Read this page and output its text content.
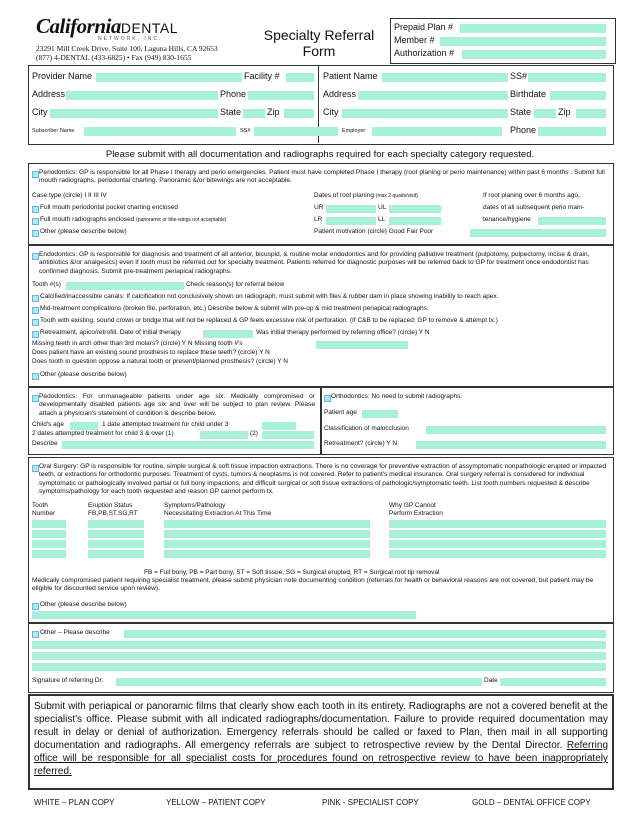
CaliforniaDENTAL
NETWORK, INC.
23291 Mill Creek Drive, Suite 100, Laguna Hills, CA 92653
(877) 4-DENTAL (433-6825) • Fax (949) 830-1655
Specialty Referral
Form
Prepaid Plan #
Member #
Authorization #
Provider Name	Facility #
Address	Phone
City	State	Zip
Subscriber Name	SS#	Employer
Patient Name	SS#
Address	Birthdate
City	State	Zip
Phone
Please submit with all documentation and radiographs required for each specialty category requested.
Periodontics: GP is responsible for all Phase I therapy and perio emergencies. Patient must have completed Phase I therapy (root planing or perio maintenance) within past 6 months . Submit full mouth radiographs, periodontal charting. Panoramic &/or bitewings are not acceptable.
Case type (circle) I II III IV
Full mouth periodontal pocket charting enclosed
Full mouth radiographs enclosed (panoramic or bite-wings not acceptable)
Other (please describe below)
Dates of root planing (max 2 quads/visit)
UR	UL
LR	LL
Patient motivation (circle) Good Fair Poor
If root planing over 6 months ago,
dates of all subsequent perio main-
tenance/hygiene
Endodontics: GP is responsible for diagnosis and treatment of all anterior, bicuspid, & routine molar endodontics and for providing palliative treatment (pulpotomy, pulpectomy, incise & drain, antibiotics &/or analgesics) even if tooth must be referred out for specialty treatment. Patients referred for diagnostic purposes will be referred back to GP for treatment once endodontist has confirmed diagnosis. Submit pre-treatment periapical radiographs.
Tooth #(s)	Check reason(s) for referral below
Calcified/inaccessible canals: If calcification not conclusively shown on radiograph, must submit with files & rubber dam in place showing inability to reach apex.
Mid-treatment complications (broken file, perforation, etc.) Describe below & submit with pre-op & mid treatment periapical radiographs.
Tooth with existing, sound crown or bridge that will not be replaced & GP feels excessive risk of perforation. (If C&B to be replaced: GP to remove & attempt tx.)
Retreatment, apico/retrofill. Date of initial therapy	Was initial therapy performed by referring office? (circle) Y N
Missing teeth in arch other than 3rd molars? (circle) Y N Missing tooth #'s
Does patient have an existing sound prosthesis to replace these teeth? (circle) Y N
Does tooth in question oppose a natural tooth or present/planned prosthesis? (circle) Y N
Other (please describe below)
Pedodontics: For unmanageable patients under age six. Medically compromised or developmentally disabled patients age six and over will be subject to plan review. Please attach a physician's statement of condition & describe below.
Child's age	1 date attempted treatment for child under 3
2 dates attempted treatment for child 3 & over (1)	(2)
Describe
Orthodontics: No need to submit radiographs.
Patient age
Classification of malocclusion
Retreatment? (circle) Y N
Oral Surgery: GP is responsible for routine, simple surgical & soft tissue impaction extractions. There is no coverage for preventive extraction of assymptomatic nonpathologic erupted or impacted teeth, or extractions for orthodontic purposes. Treatment of cysts, tumors & neoplasms is not covered. Refer to patient's medical insurance. Oral surgery referral is considered for individual symptomatic or pathologically involved partial or full bony impactions, and difficult surgical or soft tissue extractions of pathologic/symptomatic teeth. List tooth numbers requested & describe symptoms/pathology for each tooth requested and reason GP cannot perform tx.
Tooth
Number
Eruption Status
FB,PB,ST,SG,RT
Symptoms/Pathology
Necessitating Extraction At This Time
Why GP Cannot
Perform Extraction
FB = Full bony, PB = Part bony, ST = Soft tissue, SG = Surgical erupted, RT = Surgical root tip removal
Medically compromised patient requiring specialist treatment, please submit physician note documenting condition (referrals for health or behavioral reasons are not covered, but patient may be eligible for discounted service upon review).
Other (please describe below)
Other – Please describe
Signature of referring Dr.	Date
Submit with periapical or panoramic films that clearly show each tooth in its entirety. Radiographs are not a covered benefit at the specialist's office. Please submit with all indicated radiographs/documentation. Failure to provide required documentation may result in delay or denial of authorization. Emergency referrals should be called or faxed to Plan, then mail in all supporting documentation and radiographs. All emergency referrals are subject to retrospective review by the Dental Director. Referring office will be responsible for all specialist costs for procedures found on retrospective review to have been inappropriately referred.
WHITE – PLAN COPY	YELLOW – PATIENT COPY	PINK - SPECIALIST COPY	GOLD – DENTAL OFFICE COPY
